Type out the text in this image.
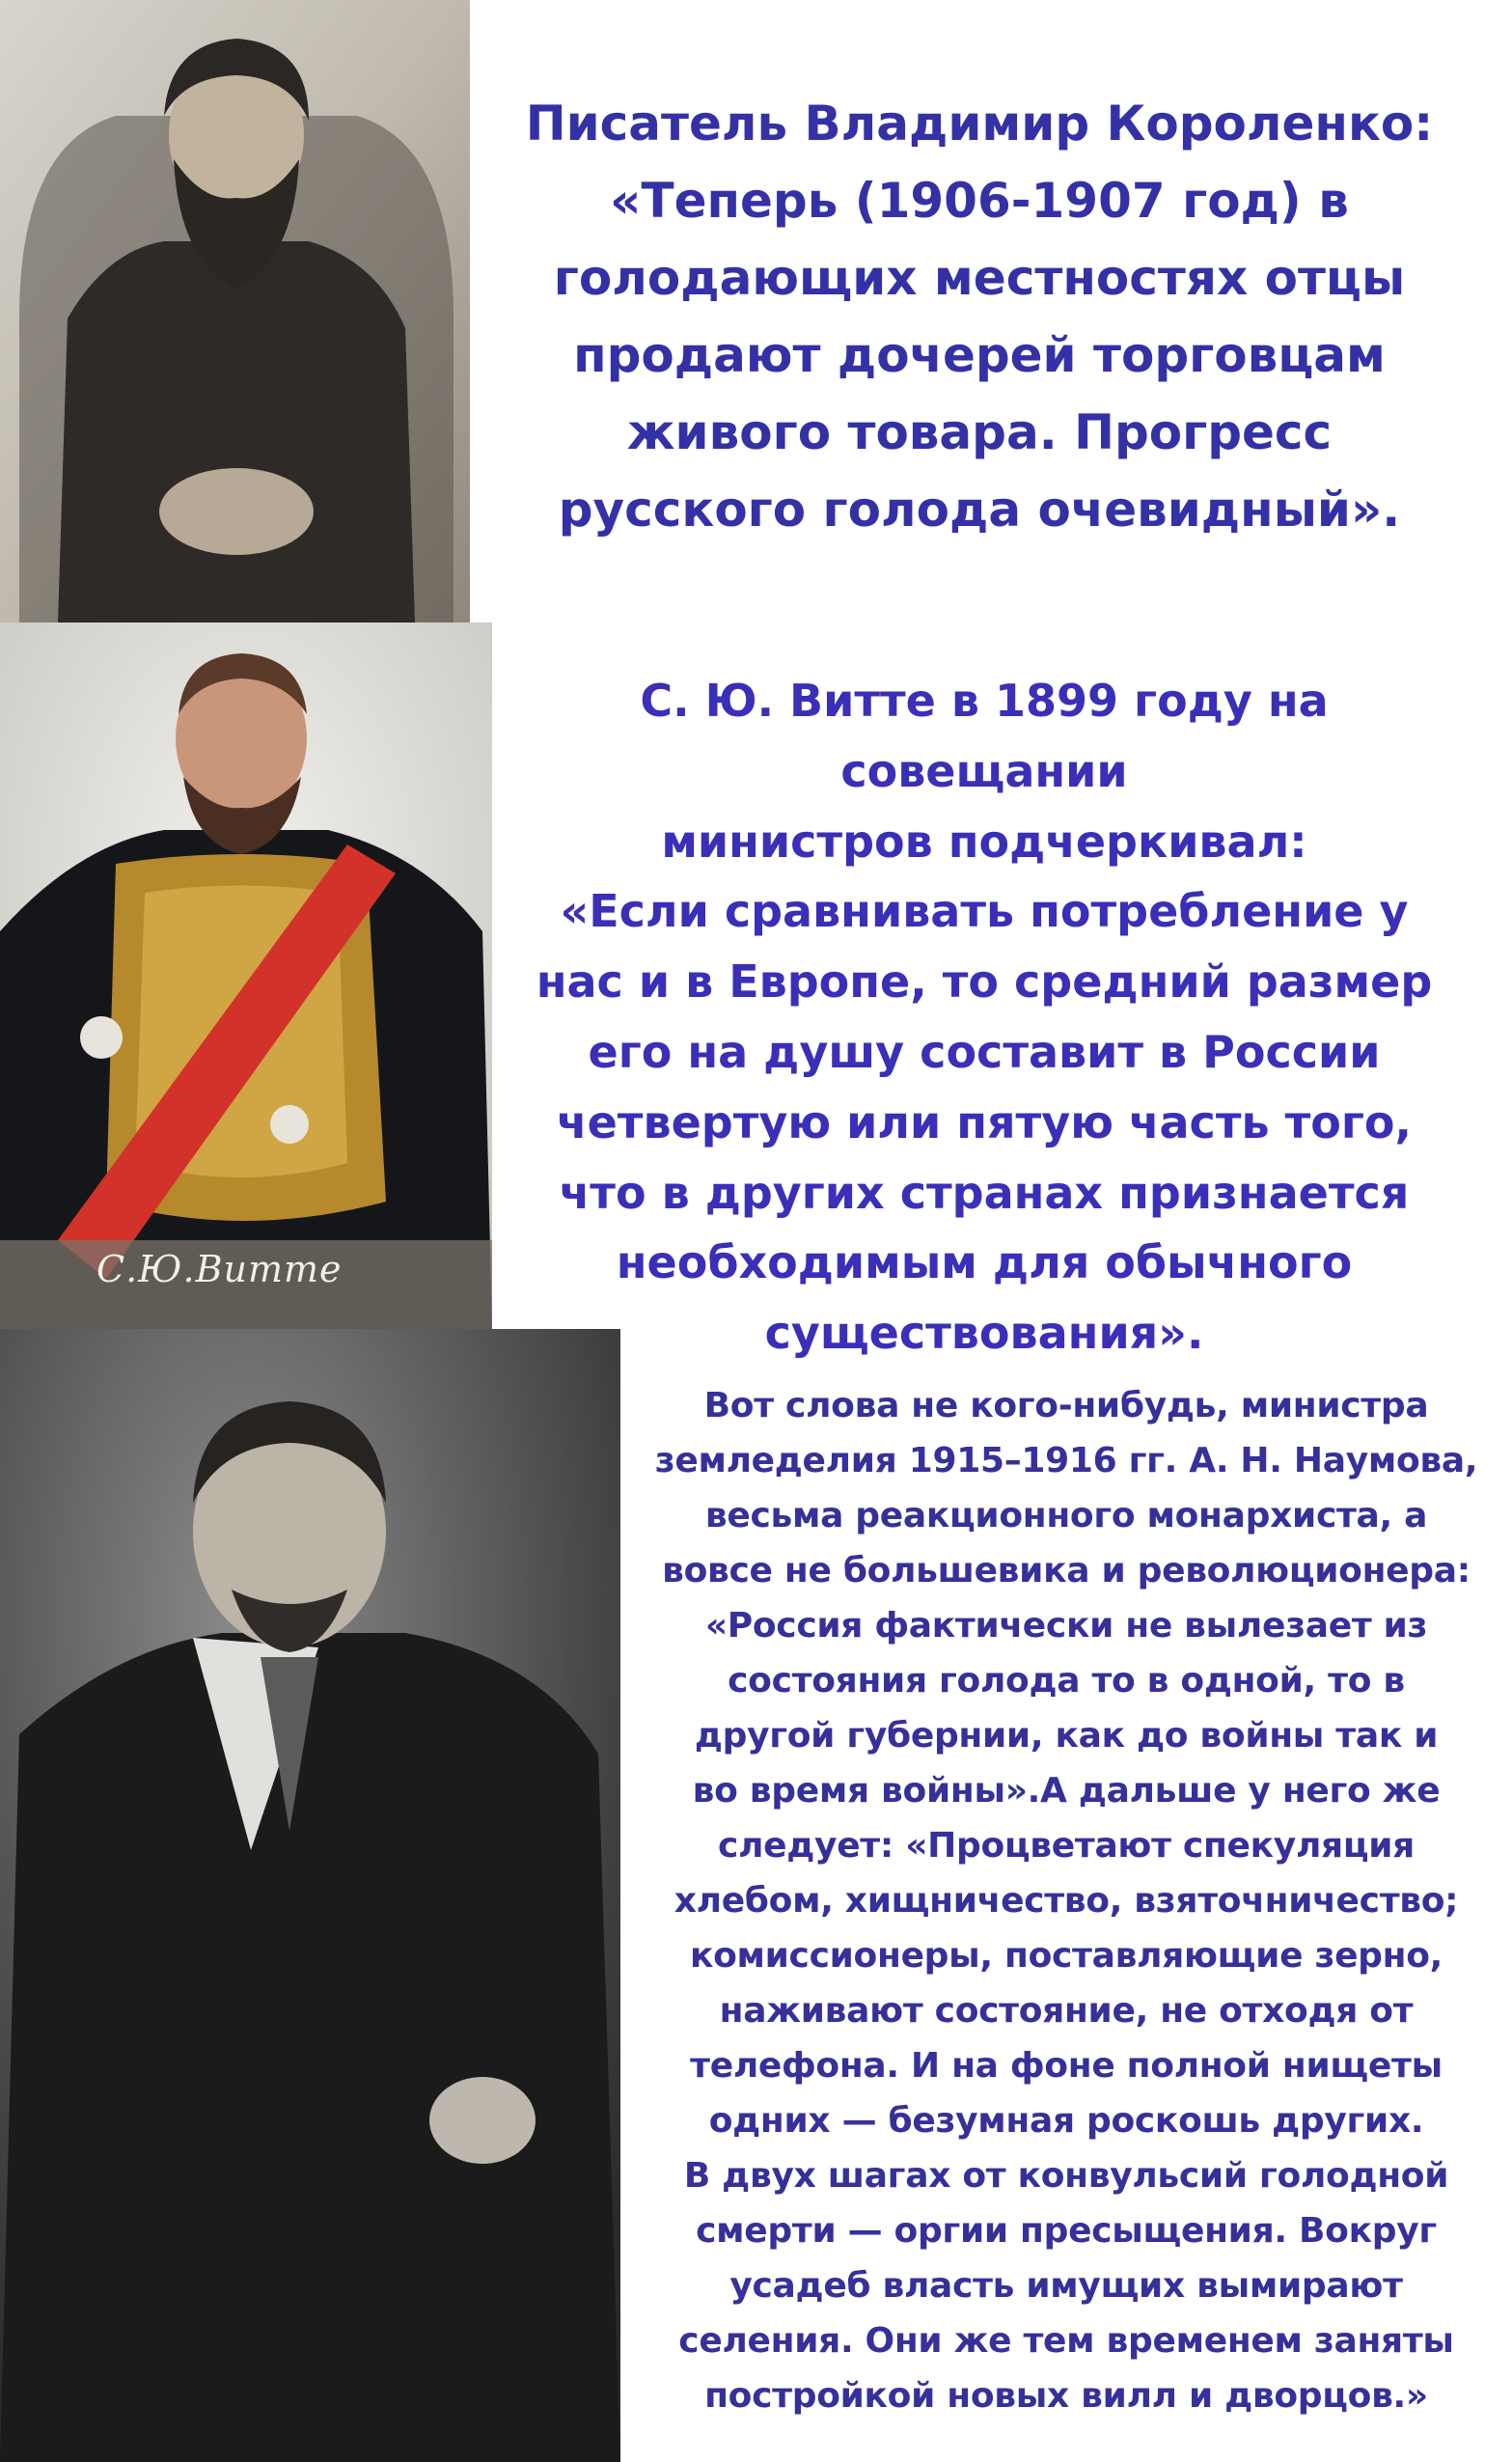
С.Ю.Витте

Писатель Владимир Короленко:

«Теперь (1906-1907 год) в

голодающих местностях отцы

продают дочерей торговцам

живого товара. Прогресс

русского голода очевидный».

С. Ю. Витте в 1899 году на совещании

министров подчеркивал:

«Если сравнивать потребление у

нас и в Европе, то средний размер

его на душу составит в России

четвертую или пятую часть того,

что в других странах признается

необходимым для обычного

существования».

Вот слова не кого-нибудь, министра

земледелия 1915–1916 гг. А. Н. Наумова,

весьма реакционного монархиста, а

вовсе не большевика и революционера:

«Россия фактически не вылезает из

состояния голода то в одной, то в

другой губернии, как до войны так и

во время войны».А дальше у него же

следует: «Процветают спекуляция

хлебом, хищничество, взяточничество;

комиссионеры, поставляющие зерно,

наживают состояние, не отходя от

телефона. И на фоне полной нищеты

одних — безумная роскошь других.

В двух шагах от конвульсий голодной

смерти — оргии пресыщения. Вокруг

усадеб власть имущих вымирают

селения. Они же тем временем заняты

постройкой новых вилл и дворцов.»
